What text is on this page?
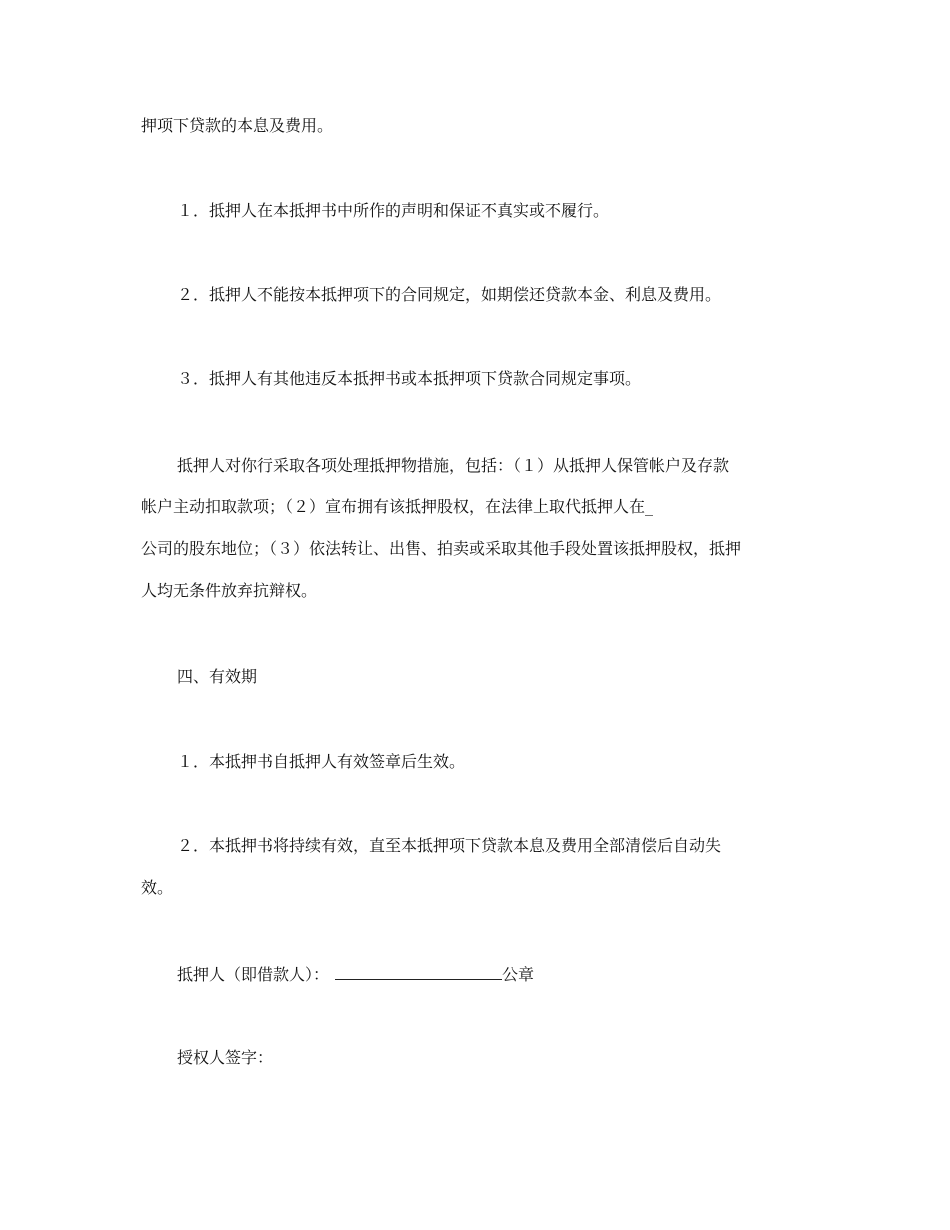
押项下贷款的本息及费用。
１．抵押人在本抵押书中所作的声明和保证不真实或不履行。
２．抵押人不能按本抵押项下的合同规定，如期偿还贷款本金、利息及费用。
３．抵押人有其他违反本抵押书或本抵押项下贷款合同规定事项。
抵押人对你行采取各项处理抵押物措施，包括：（１）从抵押人保管帐户及存款
帐户主动扣取款项；（２）宣布拥有该抵押股权，在法律上取代抵押人在_
公司的股东地位；（３）依法转让、出售、拍卖或采取其他手段处置该抵押股权，抵押
人均无条件放弃抗辩权。
四、有效期
１．本抵押书自抵押人有效签章后生效。
２．本抵押书将持续有效，直至本抵押项下贷款本息及费用全部清偿后自动失
效。
抵押人（即借款人）：	公章
授权人签字：
